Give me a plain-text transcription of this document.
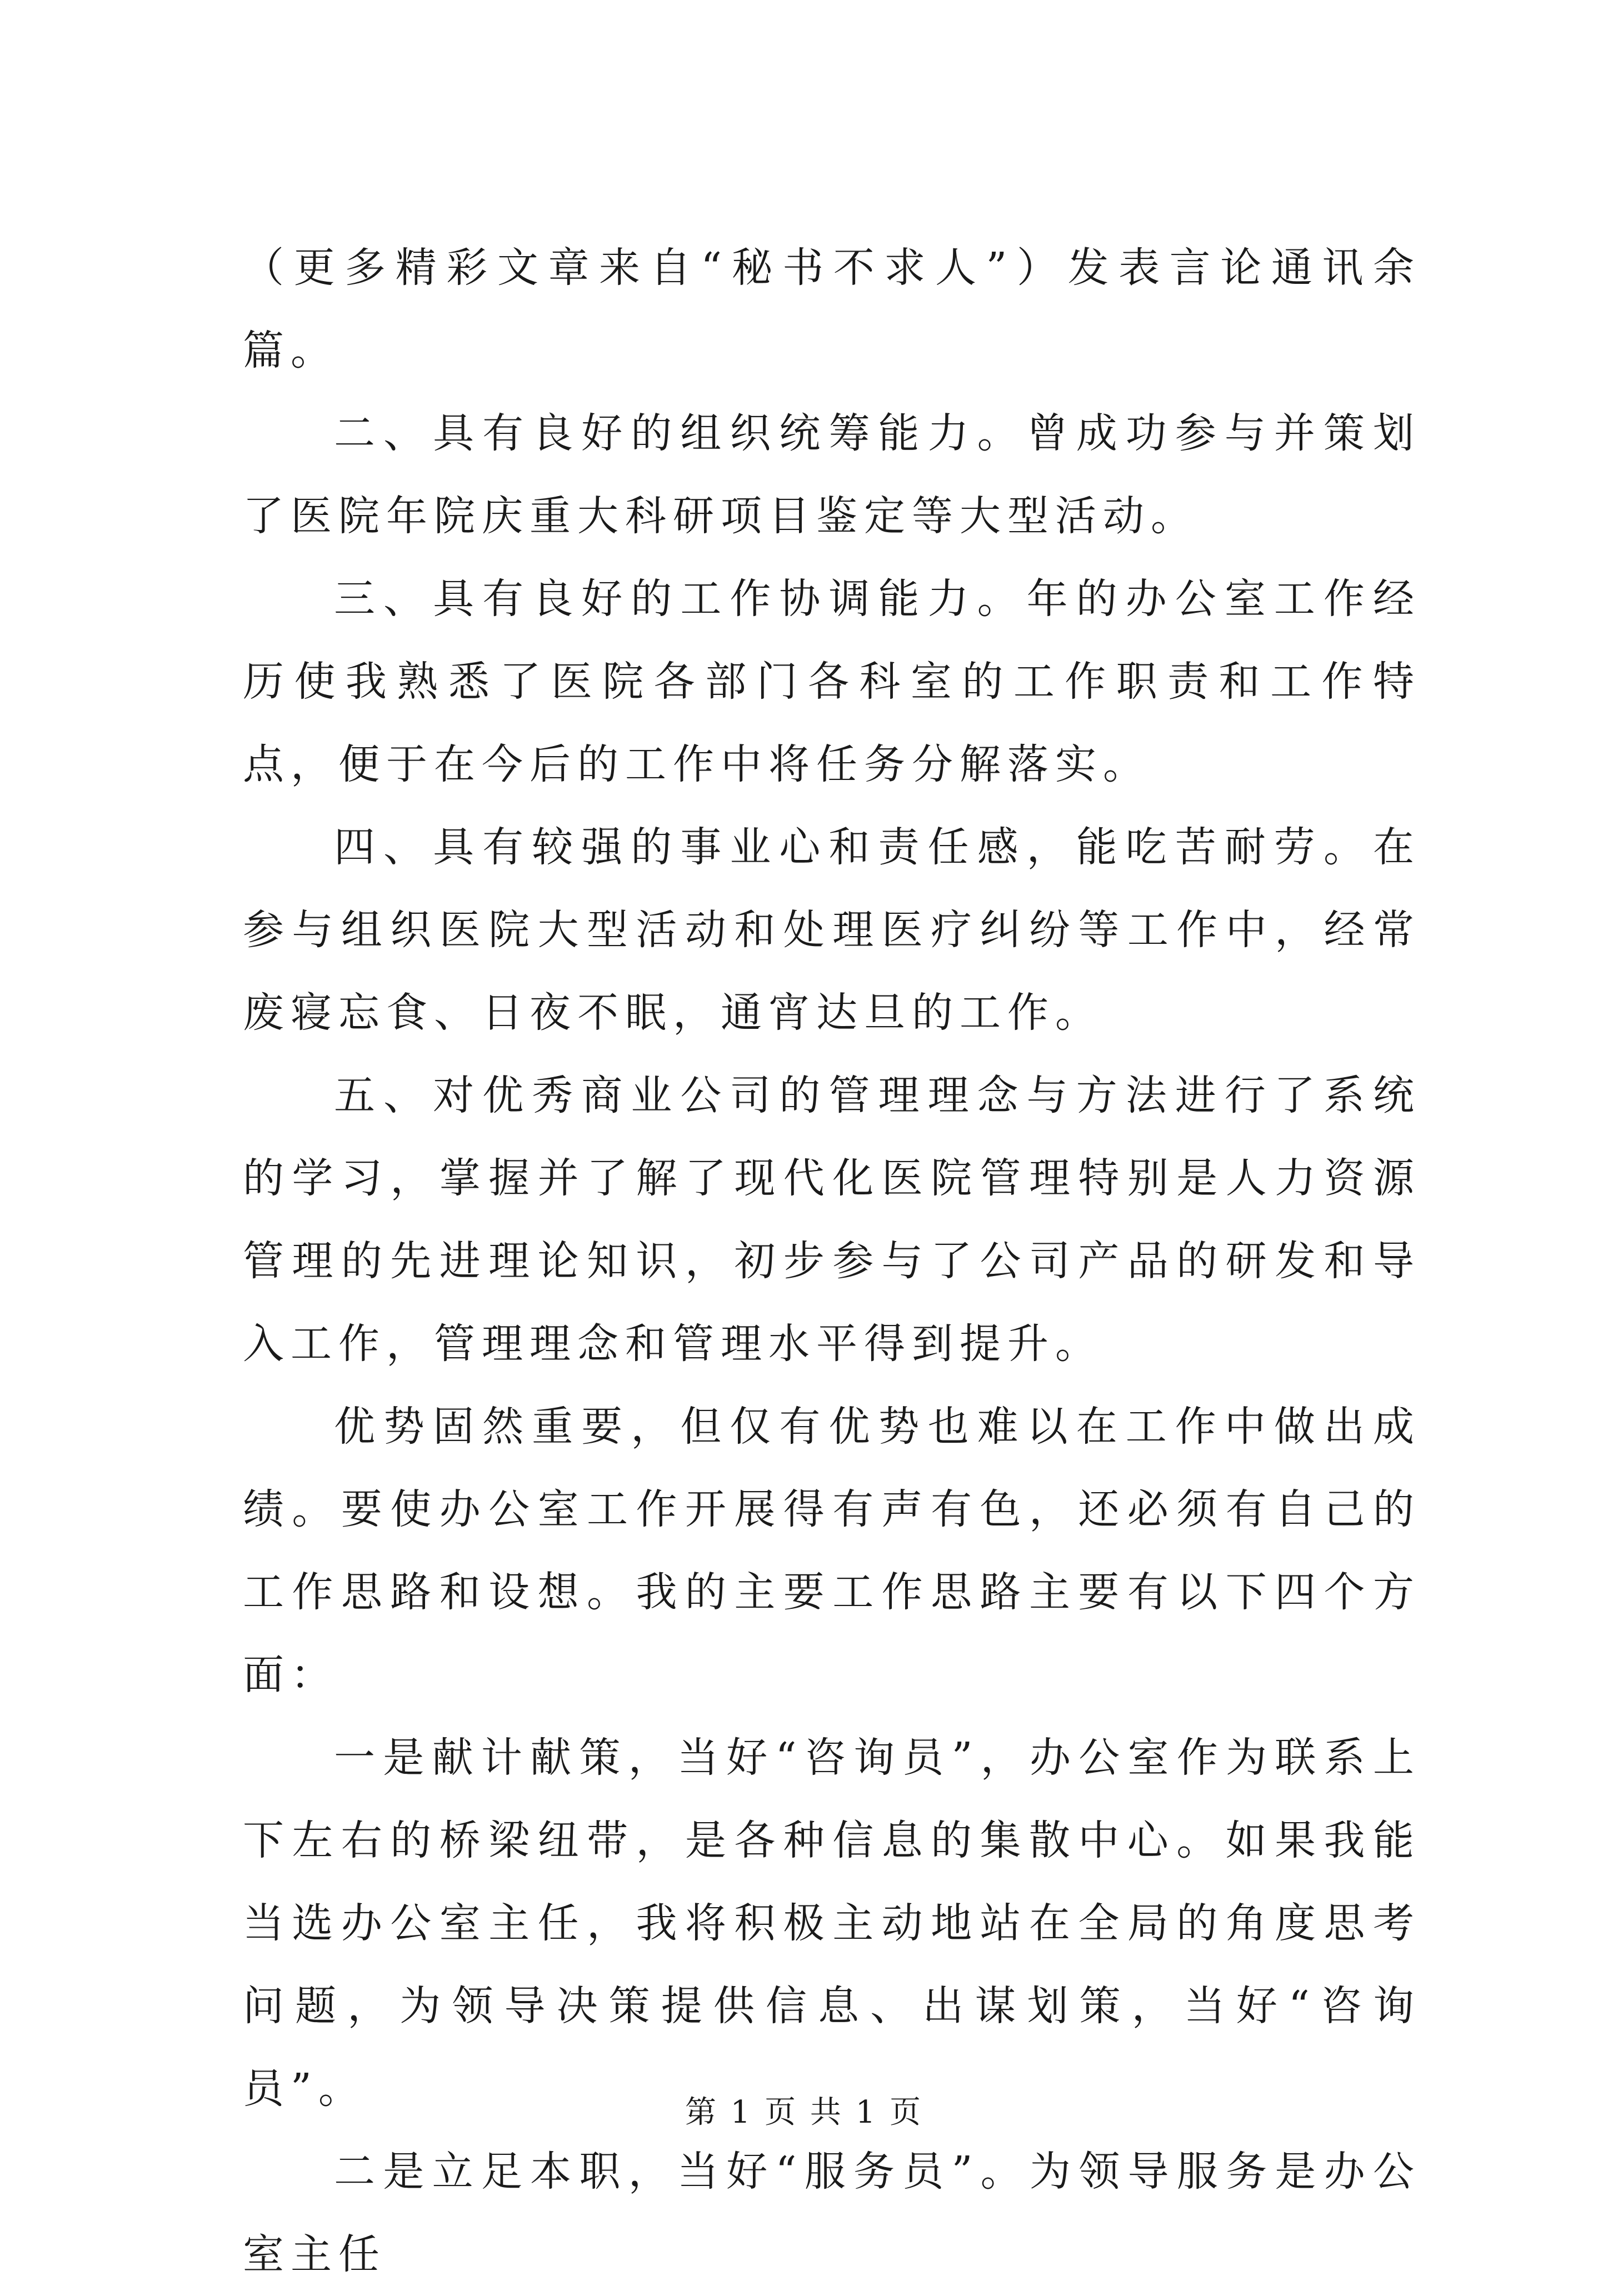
（更多精彩文章来自“秘书不求人”）发表言论通讯余篇。

二、具有良好的组织统筹能力。曾成功参与并策划了医院年院庆重大科研项目鉴定等大型活动。

三、具有良好的工作协调能力。年的办公室工作经历使我熟悉了医院各部门各科室的工作职责和工作特点，便于在今后的工作中将任务分解落实。

四、具有较强的事业心和责任感，能吃苦耐劳。在参与组织医院大型活动和处理医疗纠纷等工作中，经常废寝忘食、日夜不眠，通宵达旦的工作。

五、对优秀商业公司的管理理念与方法进行了系统的学习，掌握并了解了现代化医院管理特别是人力资源管理的先进理论知识，初步参与了公司产品的研发和导入工作，管理理念和管理水平得到提升。

优势固然重要，但仅有优势也难以在工作中做出成绩。要使办公室工作开展得有声有色，还必须有自己的工作思路和设想。我的主要工作思路主要有以下四个方面：

一是献计献策，当好“咨询员”，办公室作为联系上下左右的桥梁纽带，是各种信息的集散中心。如果我能当选办公室主任，我将积极主动地站在全局的角度思考问题，为领导决策提供信息、出谋划策，当好“咨询员”。

二是立足本职，当好“服务员”。为领导服务是办公室主任

第 1 页 共 1 页
